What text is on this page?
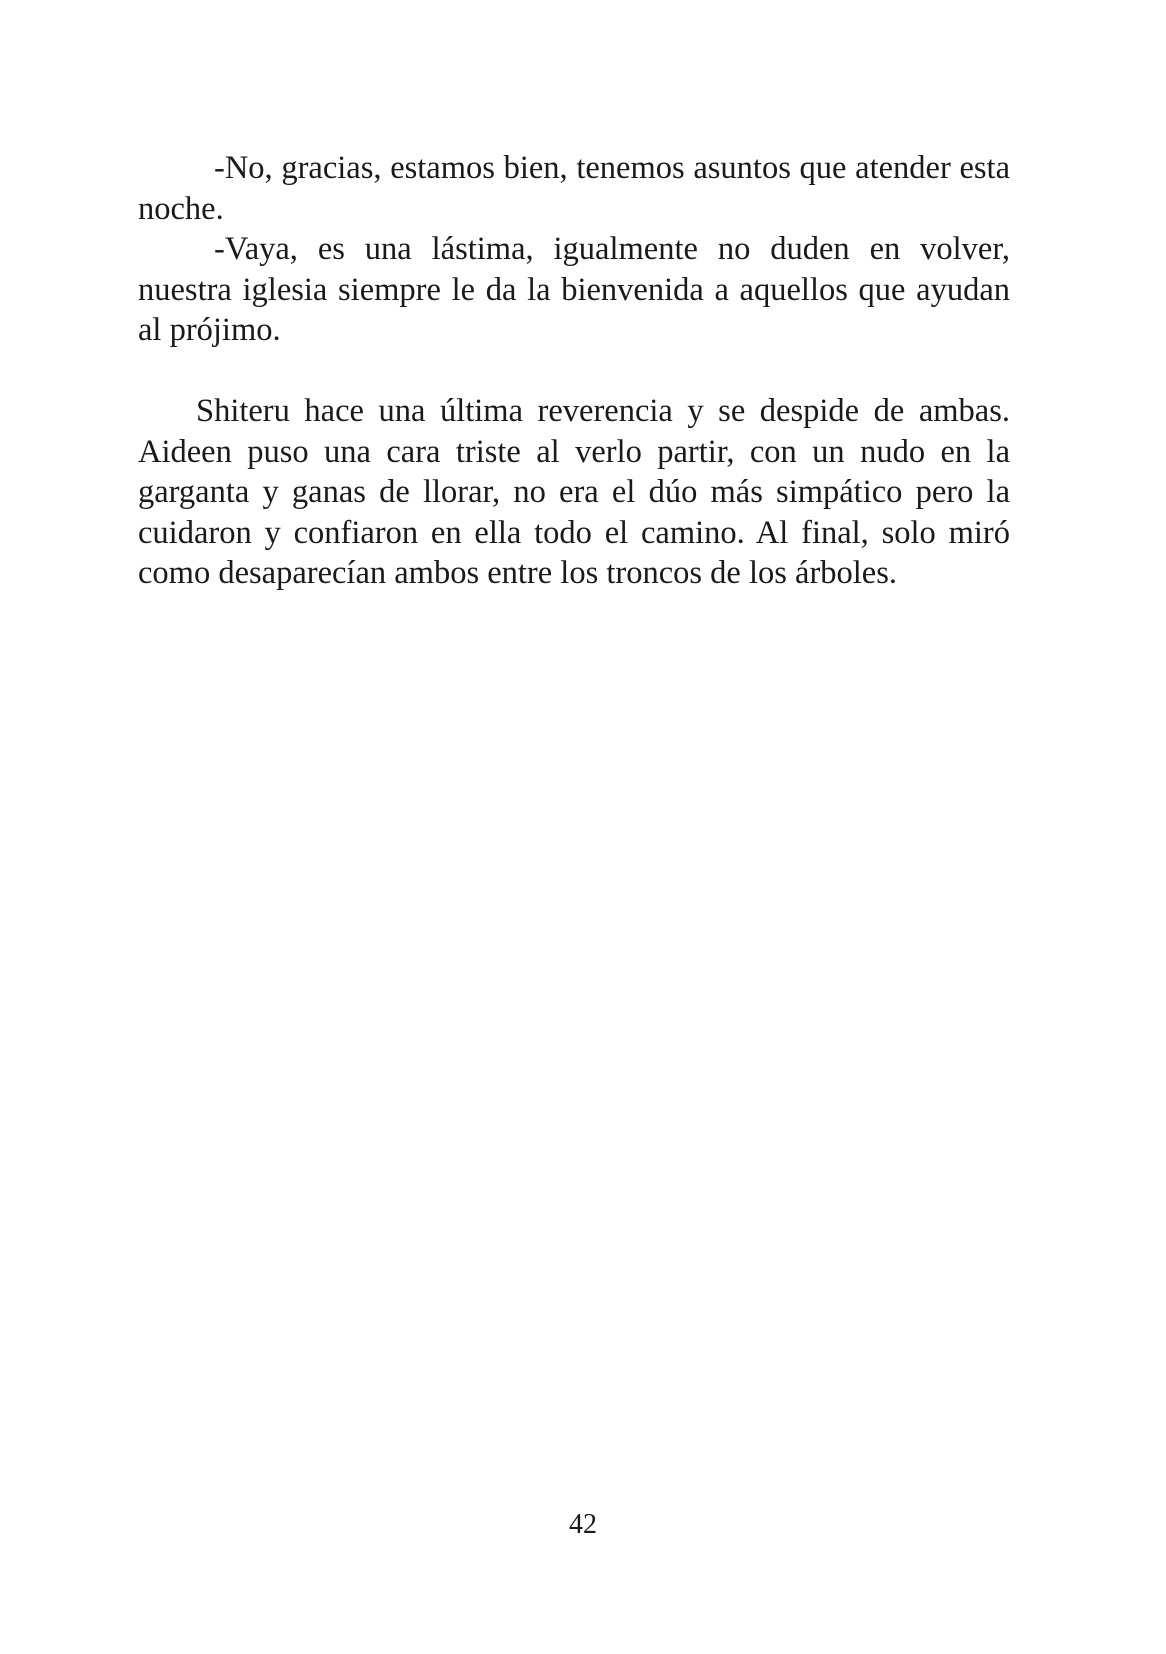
-No, gracias, estamos bien, tenemos asuntos que atender esta noche.

-Vaya, es una lástima, igualmente no duden en volver, nuestra iglesia siempre le da la bienvenida a aquellos que ayudan al prójimo.

Shiteru hace una última reverencia y se despide de ambas. Aideen puso una cara triste al verlo partir, con un nudo en la garganta y ganas de llorar, no era el dúo más simpático pero la cuidaron y confiaron en ella todo el camino. Al final, solo miró como desaparecían ambos entre los troncos de los árboles.

42
